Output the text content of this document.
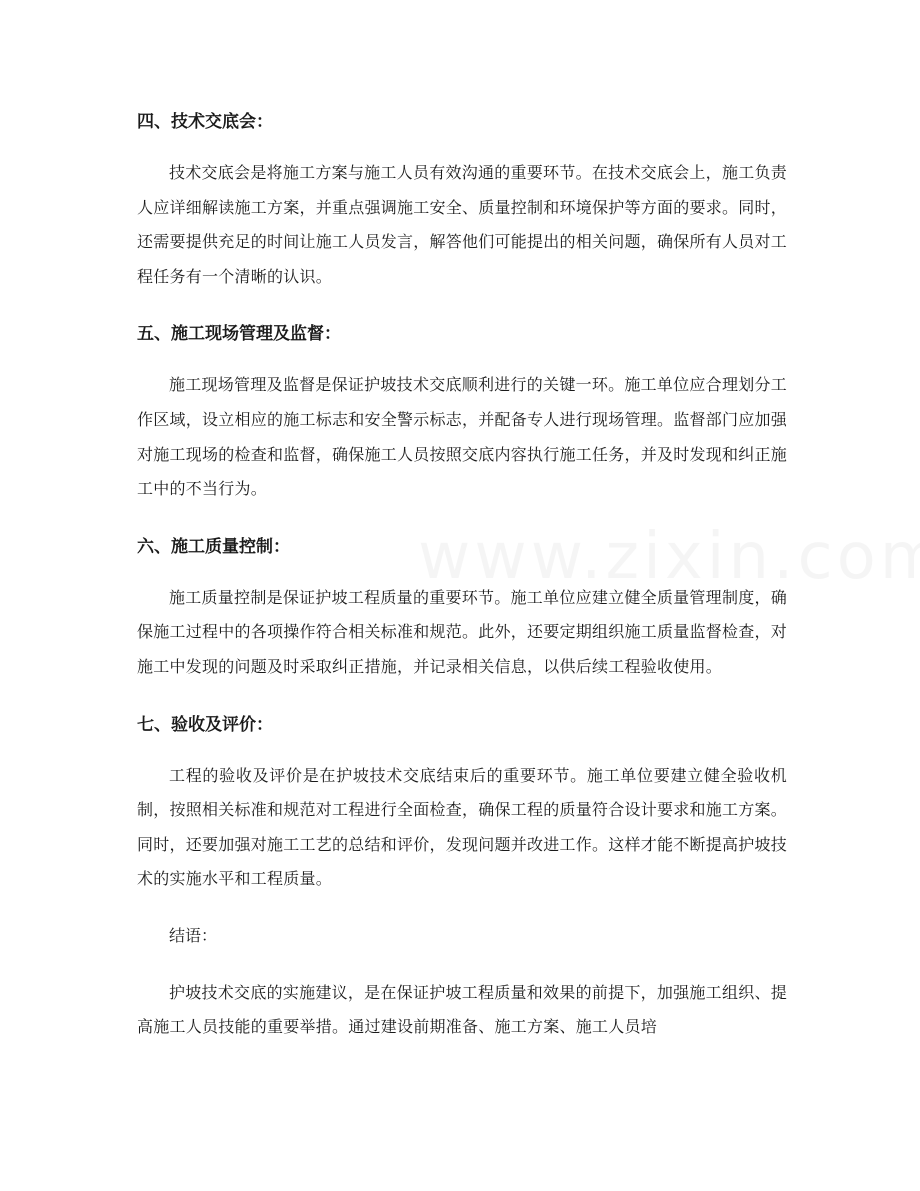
四、技术交底会：

技术交底会是将施工方案与施工人员有效沟通的重要环节。在技术交底会上，施工负责人应详细解读施工方案，并重点强调施工安全、质量控制和环境保护等方面的要求。同时，还需要提供充足的时间让施工人员发言，解答他们可能提出的相关问题，确保所有人员对工程任务有一个清晰的认识。

五、施工现场管理及监督：

施工现场管理及监督是保证护坡技术交底顺利进行的关键一环。施工单位应合理划分工作区域，设立相应的施工标志和安全警示标志，并配备专人进行现场管理。监督部门应加强对施工现场的检查和监督，确保施工人员按照交底内容执行施工任务，并及时发现和纠正施工中的不当行为。

六、施工质量控制：

施工质量控制是保证护坡工程质量的重要环节。施工单位应建立健全质量管理制度，确保施工过程中的各项操作符合相关标准和规范。此外，还要定期组织施工质量监督检查，对施工中发现的问题及时采取纠正措施，并记录相关信息，以供后续工程验收使用。

七、验收及评价：

工程的验收及评价是在护坡技术交底结束后的重要环节。施工单位要建立健全验收机制，按照相关标准和规范对工程进行全面检查，确保工程的质量符合设计要求和施工方案。同时，还要加强对施工工艺的总结和评价，发现问题并改进工作。这样才能不断提高护坡技术的实施水平和工程质量。

结语：

护坡技术交底的实施建议，是在保证护坡工程质量和效果的前提下，加强施工组织、提高施工人员技能的重要举措。通过建设前期准备、施工方案、施工人员培
